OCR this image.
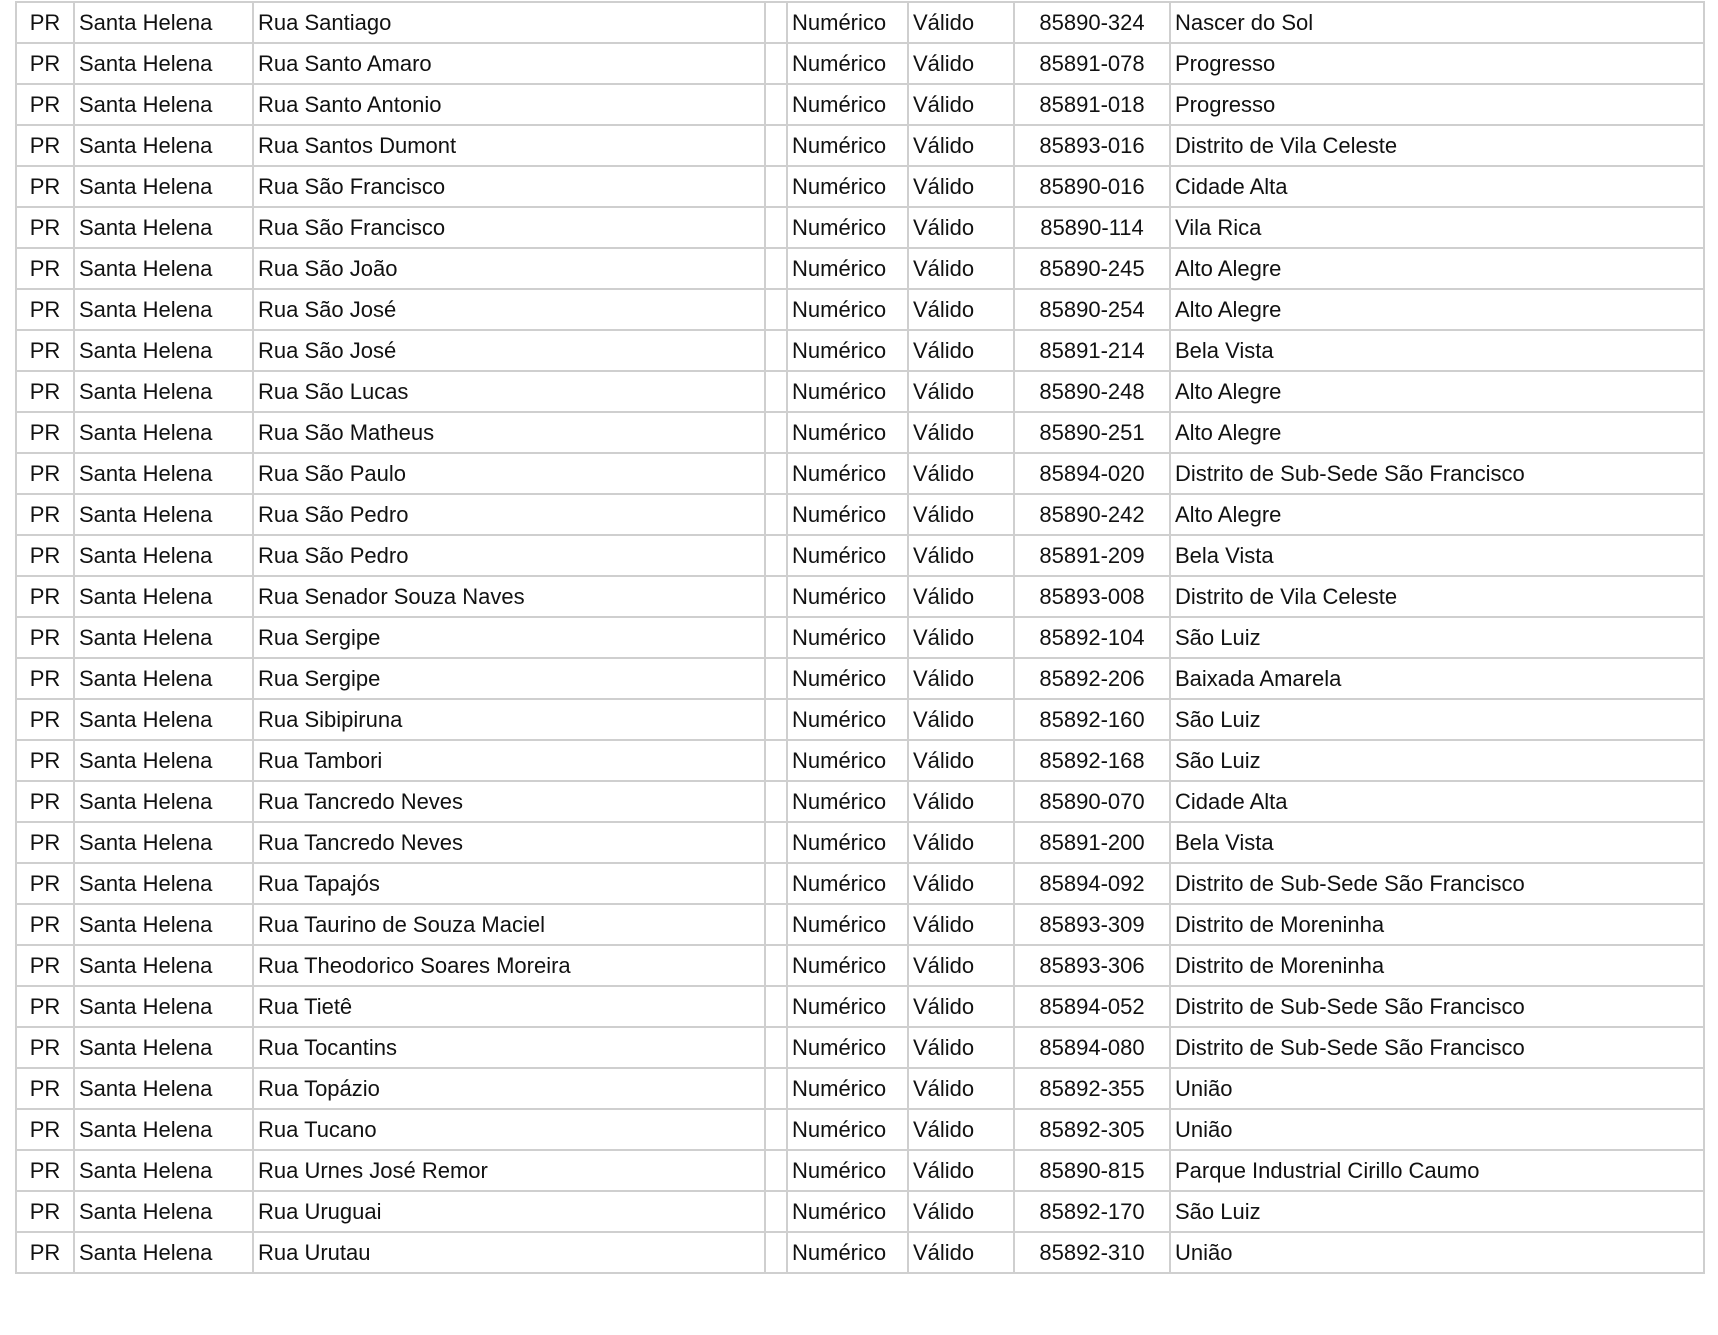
PR	Santa Helena	Rua Santiago		Numérico	Válido	85890-324	Nascer do Sol
PR	Santa Helena	Rua Santo Amaro		Numérico	Válido	85891-078	Progresso
PR	Santa Helena	Rua Santo Antonio		Numérico	Válido	85891-018	Progresso
PR	Santa Helena	Rua Santos Dumont		Numérico	Válido	85893-016	Distrito de Vila Celeste
PR	Santa Helena	Rua São Francisco		Numérico	Válido	85890-016	Cidade Alta
PR	Santa Helena	Rua São Francisco		Numérico	Válido	85890-114	Vila Rica
PR	Santa Helena	Rua São João		Numérico	Válido	85890-245	Alto Alegre
PR	Santa Helena	Rua São José		Numérico	Válido	85890-254	Alto Alegre
PR	Santa Helena	Rua São José		Numérico	Válido	85891-214	Bela Vista
PR	Santa Helena	Rua São Lucas		Numérico	Válido	85890-248	Alto Alegre
PR	Santa Helena	Rua São Matheus		Numérico	Válido	85890-251	Alto Alegre
PR	Santa Helena	Rua São Paulo		Numérico	Válido	85894-020	Distrito de Sub-Sede São Francisco
PR	Santa Helena	Rua São Pedro		Numérico	Válido	85890-242	Alto Alegre
PR	Santa Helena	Rua São Pedro		Numérico	Válido	85891-209	Bela Vista
PR	Santa Helena	Rua Senador Souza Naves		Numérico	Válido	85893-008	Distrito de Vila Celeste
PR	Santa Helena	Rua Sergipe		Numérico	Válido	85892-104	São Luiz
PR	Santa Helena	Rua Sergipe		Numérico	Válido	85892-206	Baixada Amarela
PR	Santa Helena	Rua Sibipiruna		Numérico	Válido	85892-160	São Luiz
PR	Santa Helena	Rua Tambori		Numérico	Válido	85892-168	São Luiz
PR	Santa Helena	Rua Tancredo Neves		Numérico	Válido	85890-070	Cidade Alta
PR	Santa Helena	Rua Tancredo Neves		Numérico	Válido	85891-200	Bela Vista
PR	Santa Helena	Rua Tapajós		Numérico	Válido	85894-092	Distrito de Sub-Sede São Francisco
PR	Santa Helena	Rua Taurino de Souza Maciel		Numérico	Válido	85893-309	Distrito de Moreninha
PR	Santa Helena	Rua Theodorico Soares Moreira		Numérico	Válido	85893-306	Distrito de Moreninha
PR	Santa Helena	Rua Tietê		Numérico	Válido	85894-052	Distrito de Sub-Sede São Francisco
PR	Santa Helena	Rua Tocantins		Numérico	Válido	85894-080	Distrito de Sub-Sede São Francisco
PR	Santa Helena	Rua Topázio		Numérico	Válido	85892-355	União
PR	Santa Helena	Rua Tucano		Numérico	Válido	85892-305	União
PR	Santa Helena	Rua Urnes José Remor		Numérico	Válido	85890-815	Parque Industrial Cirillo Caumo
PR	Santa Helena	Rua Uruguai		Numérico	Válido	85892-170	São Luiz
PR	Santa Helena	Rua Urutau		Numérico	Válido	85892-310	União
